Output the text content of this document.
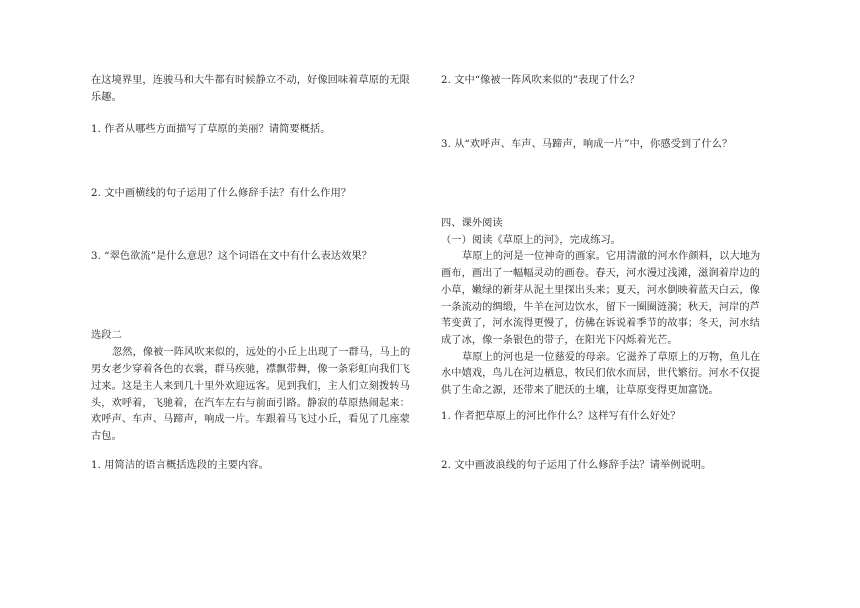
在这境界里，连骏马和大牛都有时候静立不动，好像回味着草原的无限
乐趣。
1. 作者从哪些方面描写了草原的美丽？请简要概括。
2. 文中画横线的句子运用了什么修辞手法？有什么作用？
3. “翠色欲流”是什么意思？这个词语在文中有什么表达效果？
选段二
忽然，像被一阵风吹来似的，远处的小丘上出现了一群马，马上的
男女老少穿着各色的衣裳，群马疾驰，襟飘带舞，像一条彩虹向我们飞
过来。这是主人来到几十里外欢迎远客。见到我们，主人们立刻拨转马
头，欢呼着，飞驰着，在汽车左右与前面引路。静寂的草原热闹起来：
欢呼声、车声、马蹄声，响成一片。车跟着马飞过小丘，看见了几座蒙
古包。
1. 用简洁的语言概括选段的主要内容。
2. 文中“像被一阵风吹来似的”表现了什么？
3. 从“欢呼声、车声、马蹄声，响成一片”中，你感受到了什么？
四、课外阅读
（一）阅读《草原上的河》，完成练习。
草原上的河是一位神奇的画家。它用清澈的河水作颜料，以大地为
画布，画出了一幅幅灵动的画卷。春天，河水漫过浅滩，滋润着岸边的
小草，嫩绿的新芽从泥土里探出头来；夏天，河水倒映着蓝天白云，像
一条流动的绸缎，牛羊在河边饮水，留下一圈圈涟漪；秋天，河岸的芦
苇变黄了，河水流得更慢了，仿佛在诉说着季节的故事；冬天，河水结
成了冰，像一条银色的带子，在阳光下闪烁着光芒。
草原上的河也是一位慈爱的母亲。它滋养了草原上的万物，鱼儿在
水中嬉戏，鸟儿在河边栖息，牧民们依水而居，世代繁衍。河水不仅提
供了生命之源，还带来了肥沃的土壤，让草原变得更加富饶。
1. 作者把草原上的河比作什么？这样写有什么好处？
2. 文中画波浪线的句子运用了什么修辞手法？请举例说明。
